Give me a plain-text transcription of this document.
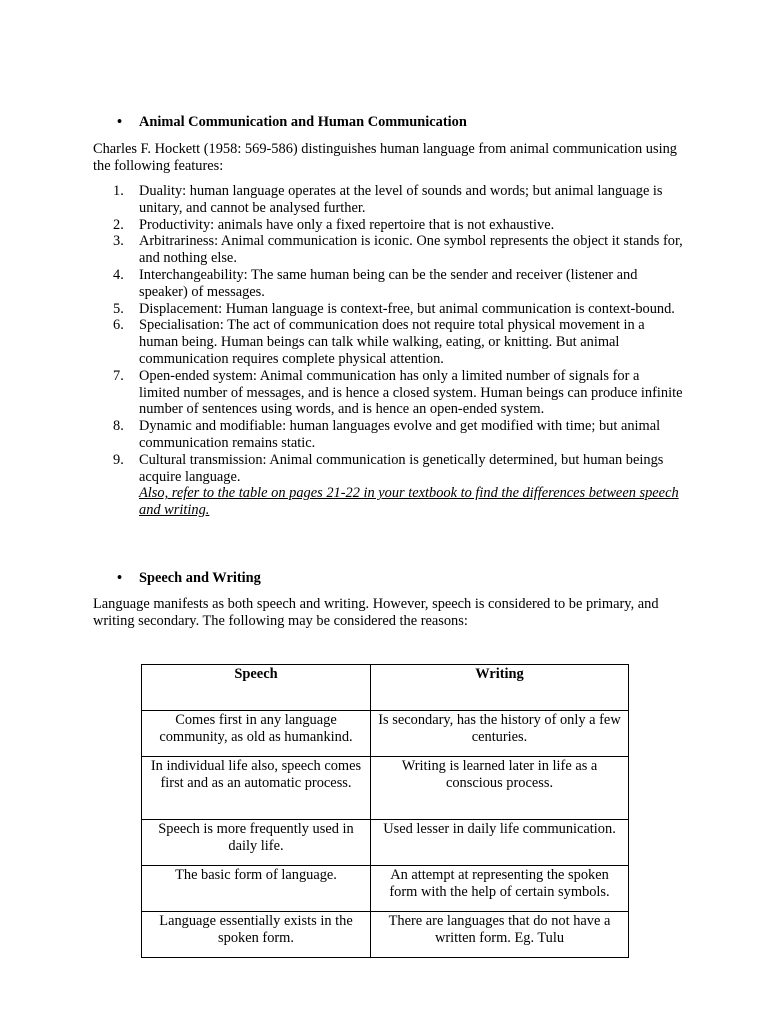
•	Animal Communication and Human Communication
Charles F. Hockett (1958: 569-586) distinguishes human language from animal communication using the following features:
1. Duality: human language operates at the level of sounds and words; but animal language is unitary, and cannot be analysed further.
2. Productivity: animals have only a fixed repertoire that is not exhaustive.
3. Arbitrariness: Animal communication is iconic. One symbol represents the object it stands for, and nothing else.
4. Interchangeability: The same human being can be the sender and receiver (listener and speaker) of messages.
5. Displacement: Human language is context-free, but animal communication is context-bound.
6. Specialisation: The act of communication does not require total physical movement in a human being. Human beings can talk while walking, eating, or knitting. But animal communication requires complete physical attention.
7. Open-ended system: Animal communication has only a limited number of signals for a limited number of messages, and is hence a closed system. Human beings can produce infinite number of sentences using words, and is hence an open-ended system.
8. Dynamic and modifiable: human languages evolve and get modified with time; but animal communication remains static.
9. Cultural transmission: Animal communication is genetically determined, but human beings acquire language.
Also, refer to the table on pages 21-22 in your textbook to find the differences between speech and writing.
•	Speech and Writing
Language manifests as both speech and writing. However, speech is considered to be primary, and writing secondary. The following may be considered the reasons:
Speech	Writing
Comes first in any language community, as old as humankind.	Is secondary, has the history of only a few centuries.
In individual life also, speech comes first and as an automatic process.	Writing is learned later in life as a conscious process.
Speech is more frequently used in daily life.	Used lesser in daily life communication.
The basic form of language.	An attempt at representing the spoken form with the help of certain symbols.
Language essentially exists in the spoken form.	There are languages that do not have a written form. Eg. Tulu
